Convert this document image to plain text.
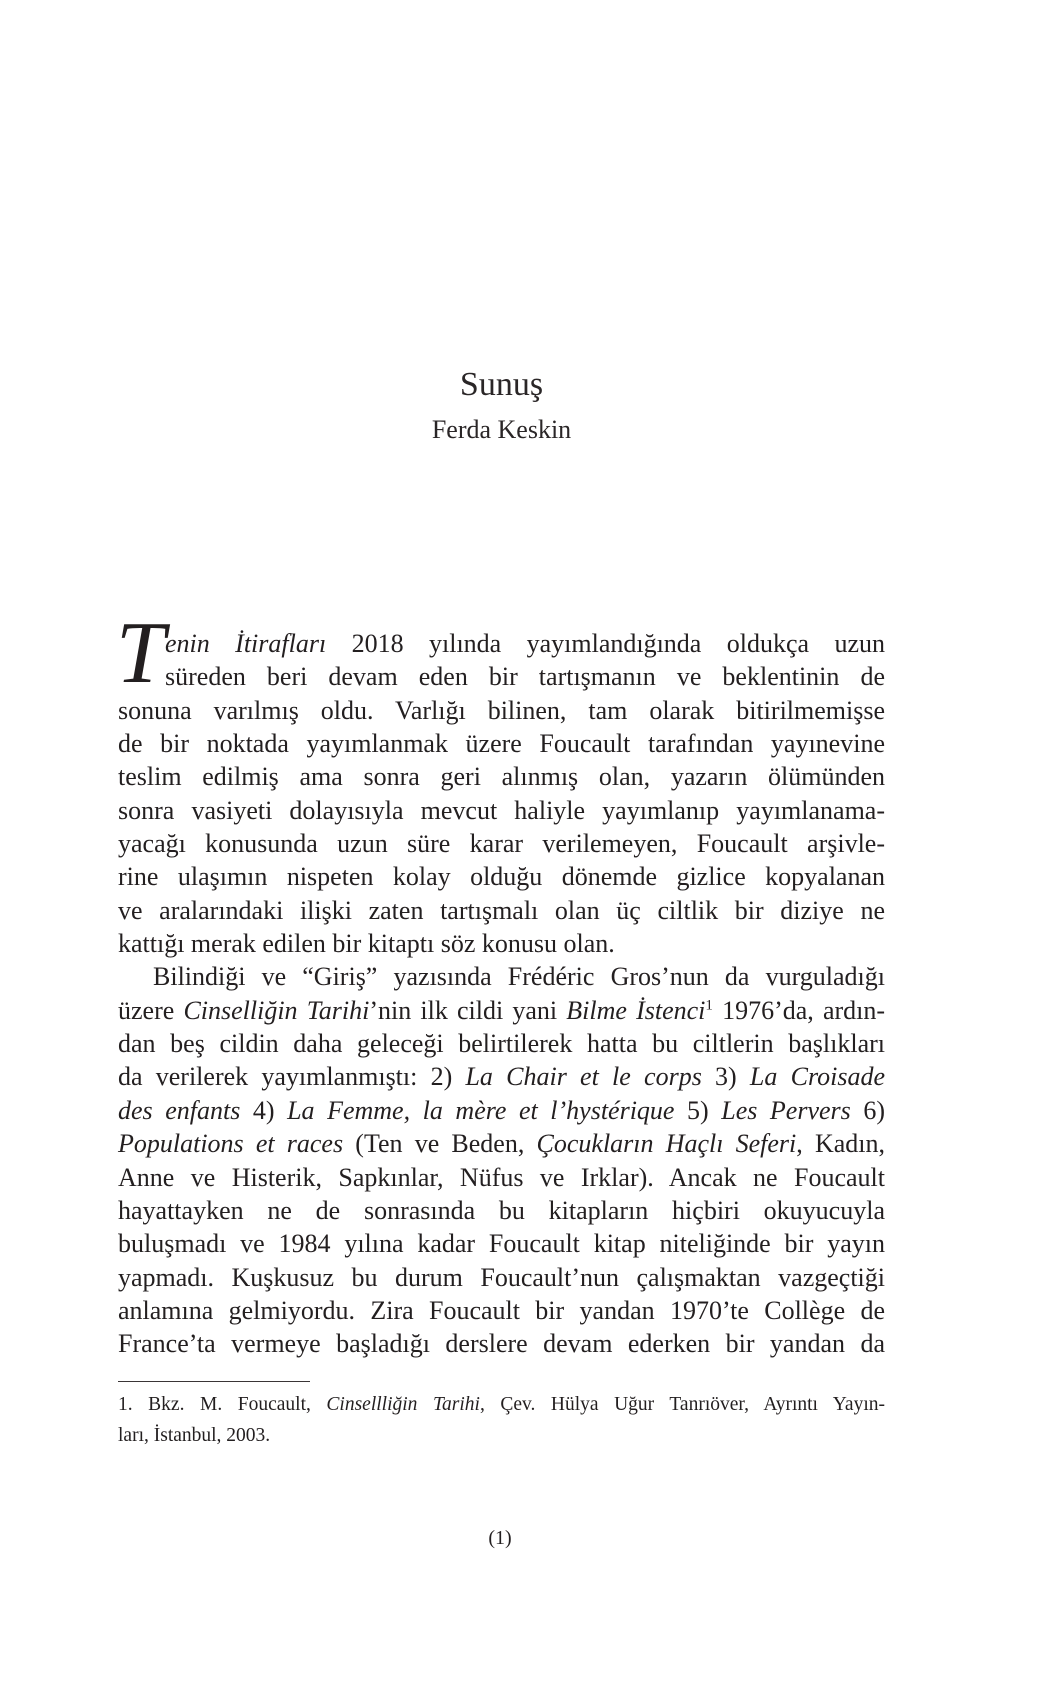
Sunuş
Ferda Keskin
T enin İtirafları 2018 yılında yayımlandığında oldukça uzun
süreden beri devam eden bir tartışmanın ve beklentinin de
sonuna varılmış oldu. Varlığı bilinen, tam olarak bitirilmemişse
de bir noktada yayımlanmak üzere Foucault tarafından yayınevine
teslim edilmiş ama sonra geri alınmış olan, yazarın ölümünden
sonra vasiyeti dolayısıyla mevcut haliyle yayımlanıp yayımlanama-
yacağı konusunda uzun süre karar verilemeyen, Foucault arşivle-
rine ulaşımın nispeten kolay olduğu dönemde gizlice kopyalanan
ve aralarındaki ilişki zaten tartışmalı olan üç ciltlik bir diziye ne
kattığı merak edilen bir kitaptı söz konusu olan.
Bilindiği ve “Giriş” yazısında Frédéric Gros’nun da vurguladığı
üzere Cinselliğin Tarihi’nin ilk cildi yani Bilme İstenci$^1$ 1976’da, ardın-
dan beş cildin daha geleceği belirtilerek hatta bu ciltlerin başlıkları
da verilerek yayımlanmıştı: 2) La Chair et le corps 3) La Croisade
des enfants 4) La Femme, la mère et l’hystérique 5) Les Pervers 6)
Populations et races (Ten ve Beden, Çocukların Haçlı Seferi, Kadın,
Anne ve Histerik, Sapkınlar, Nüfus ve Irklar). Ancak ne Foucault
hayattayken ne de sonrasında bu kitapların hiçbiri okuyucuyla
buluşmadı ve 1984 yılına kadar Foucault kitap niteliğinde bir yayın
yapmadı. Kuşkusuz bu durum Foucault’nun çalışmaktan vazgeçtiği
anlamına gelmiyordu. Zira Foucault bir yandan 1970’te Collège de
France’ta vermeye başladığı derslere devam ederken bir yandan da
1. Bkz. M. Foucault, Cinsellliğin Tarihi, Çev. Hülya Uğur Tanrıöver, Ayrıntı Yayın-
ları, İstanbul, 2003.
(1)
